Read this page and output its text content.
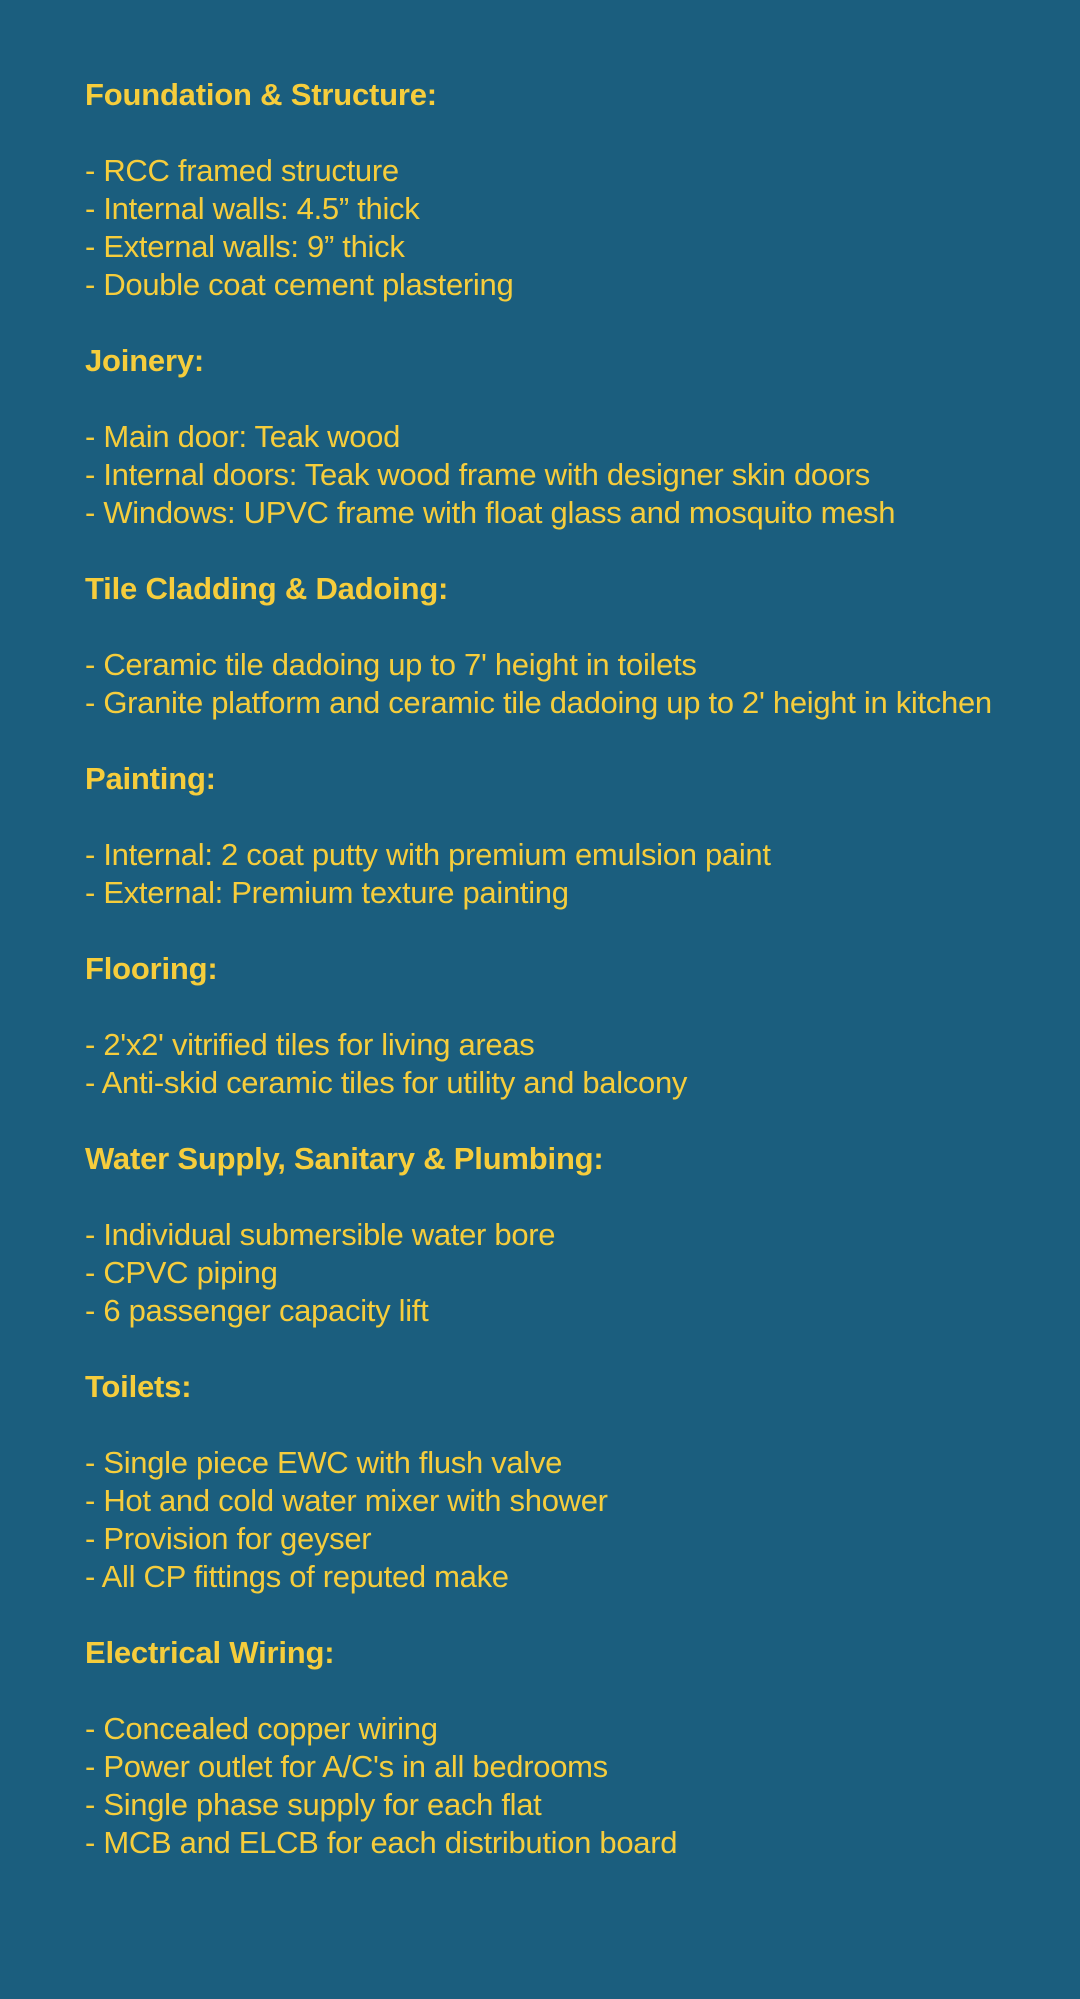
Foundation & Structure:
- RCC framed structure
- Internal walls: 4.5” thick
- External walls: 9” thick
- Double coat cement plastering
Joinery:
- Main door: Teak wood
- Internal doors: Teak wood frame with designer skin doors
- Windows: UPVC frame with float glass and mosquito mesh
Tile Cladding & Dadoing:
- Ceramic tile dadoing up to 7' height in toilets
- Granite platform and ceramic tile dadoing up to 2' height in kitchen
Painting:
- Internal: 2 coat putty with premium emulsion paint
- External: Premium texture painting
Flooring:
- 2'x2' vitrified tiles for living areas
- Anti-skid ceramic tiles for utility and balcony
Water Supply, Sanitary & Plumbing:
- Individual submersible water bore
- CPVC piping
- 6 passenger capacity lift
Toilets:
- Single piece EWC with flush valve
- Hot and cold water mixer with shower
- Provision for geyser
- All CP fittings of reputed make
Electrical Wiring:
- Concealed copper wiring
- Power outlet for A/C's in all bedrooms
- Single phase supply for each flat
- MCB and ELCB for each distribution board
